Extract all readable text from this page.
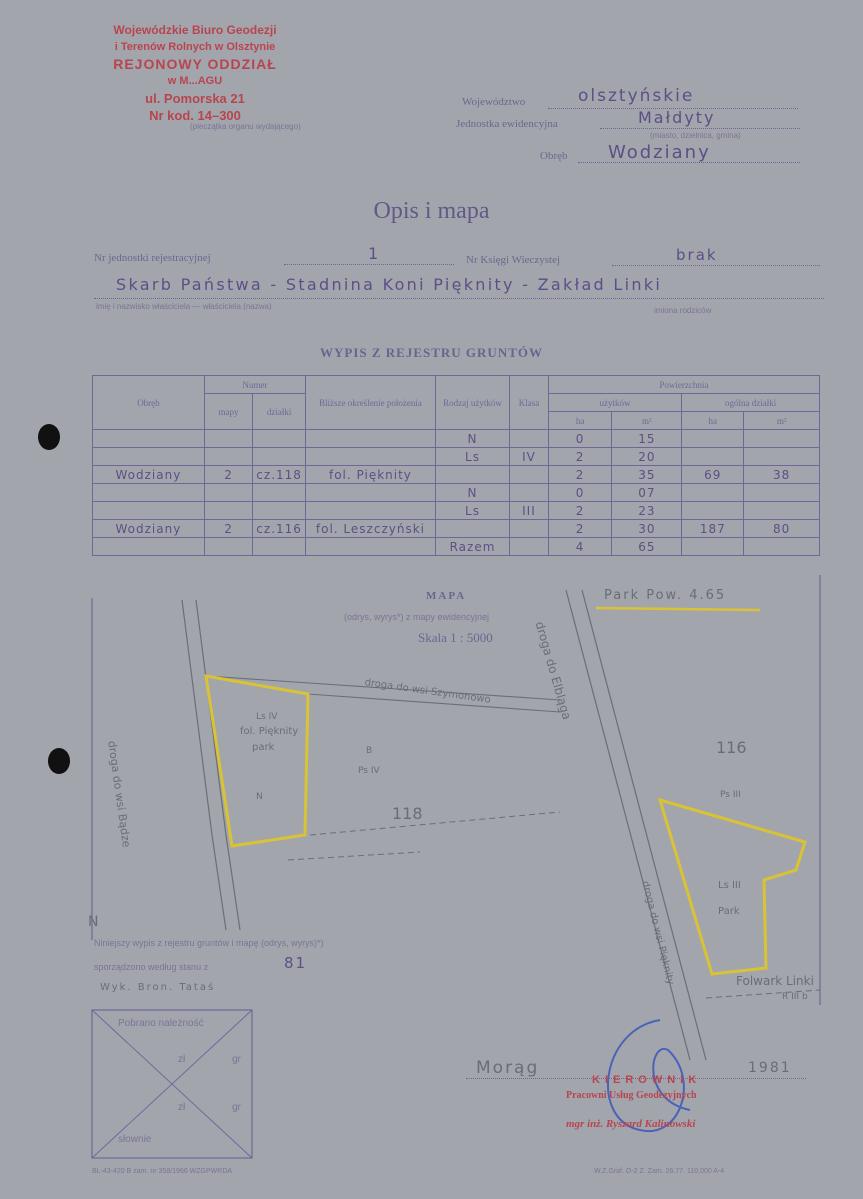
Wojewódzkie Biuro Geodezji
i Terenów Rolnych w Olsztynie
REJONOWY ODDZIAŁ
w M...AGU
ul. Pomorska 21
Nr kod. 14–300
(pieczątka organu wydającego)
Województwo	olsztyńskie
Jednostka ewidencyjna	Małdyty
(miasto, dzielnica, gmina)
Obręb Wodziany
Opis i mapa
Nr jednostki rejestracyjnej	1	Nr Księgi Wieczystej	brak
Skarb Państwa - Stadnina Koni Pięknity - Zakład Linki
imię i nazwisko właściciela — właściciela (nazwa)	imiona rodziców
WYPIS Z REJESTRU GRUNTÓW
Obręb	Numer		Bliższe określenie położenia	Rodzaj użytków	Klasa	Powierzchnia			
	mapy	działki				użytków		ogólna działki	
						ha	m²	ha	m²
				N		0	15		
				Ls	IV	2	20		
Wodziany	2	cz.118	fol. Pięknity			2	35	69	38
				N		0	07		
				Ls	III	2	23		
Wodziany	2	cz.116	fol. Leszczyński			2	30	187	80
				Razem		4	65		
MAPA
(odrys, wyrys*) z mapy ewidencyjnej
Skala 1 : 5000
Park Pow. 4.65
droga do wsi Bądze
droga do wsi Szymonowo	droga do Elbląga
118
116
Ls IV
fol. Pięknity
park
N
B
Ps IV
Ps III
Ls III
Park
Folwark Linki
R III b
droga do wsi Pięknity
N
Niniejszy wypis z rejestru gruntów i mapę (odrys, wyrys)*)
sporządzono według stanu z	81
Wyk. Bron. Tataś
Pobrano należność
zł	gr
zł	gr
słownie
Morąg	1981
KIEROWNIK
Pracowni Usług Geodezyjnych
mgr inż. Ryszard Kalinowski
BL-43-420 B zam. nr 358/1966 WZGPWRDA	W.Z.Graf. O-2 Z. Zam. 26.77. 110.000 A-4
